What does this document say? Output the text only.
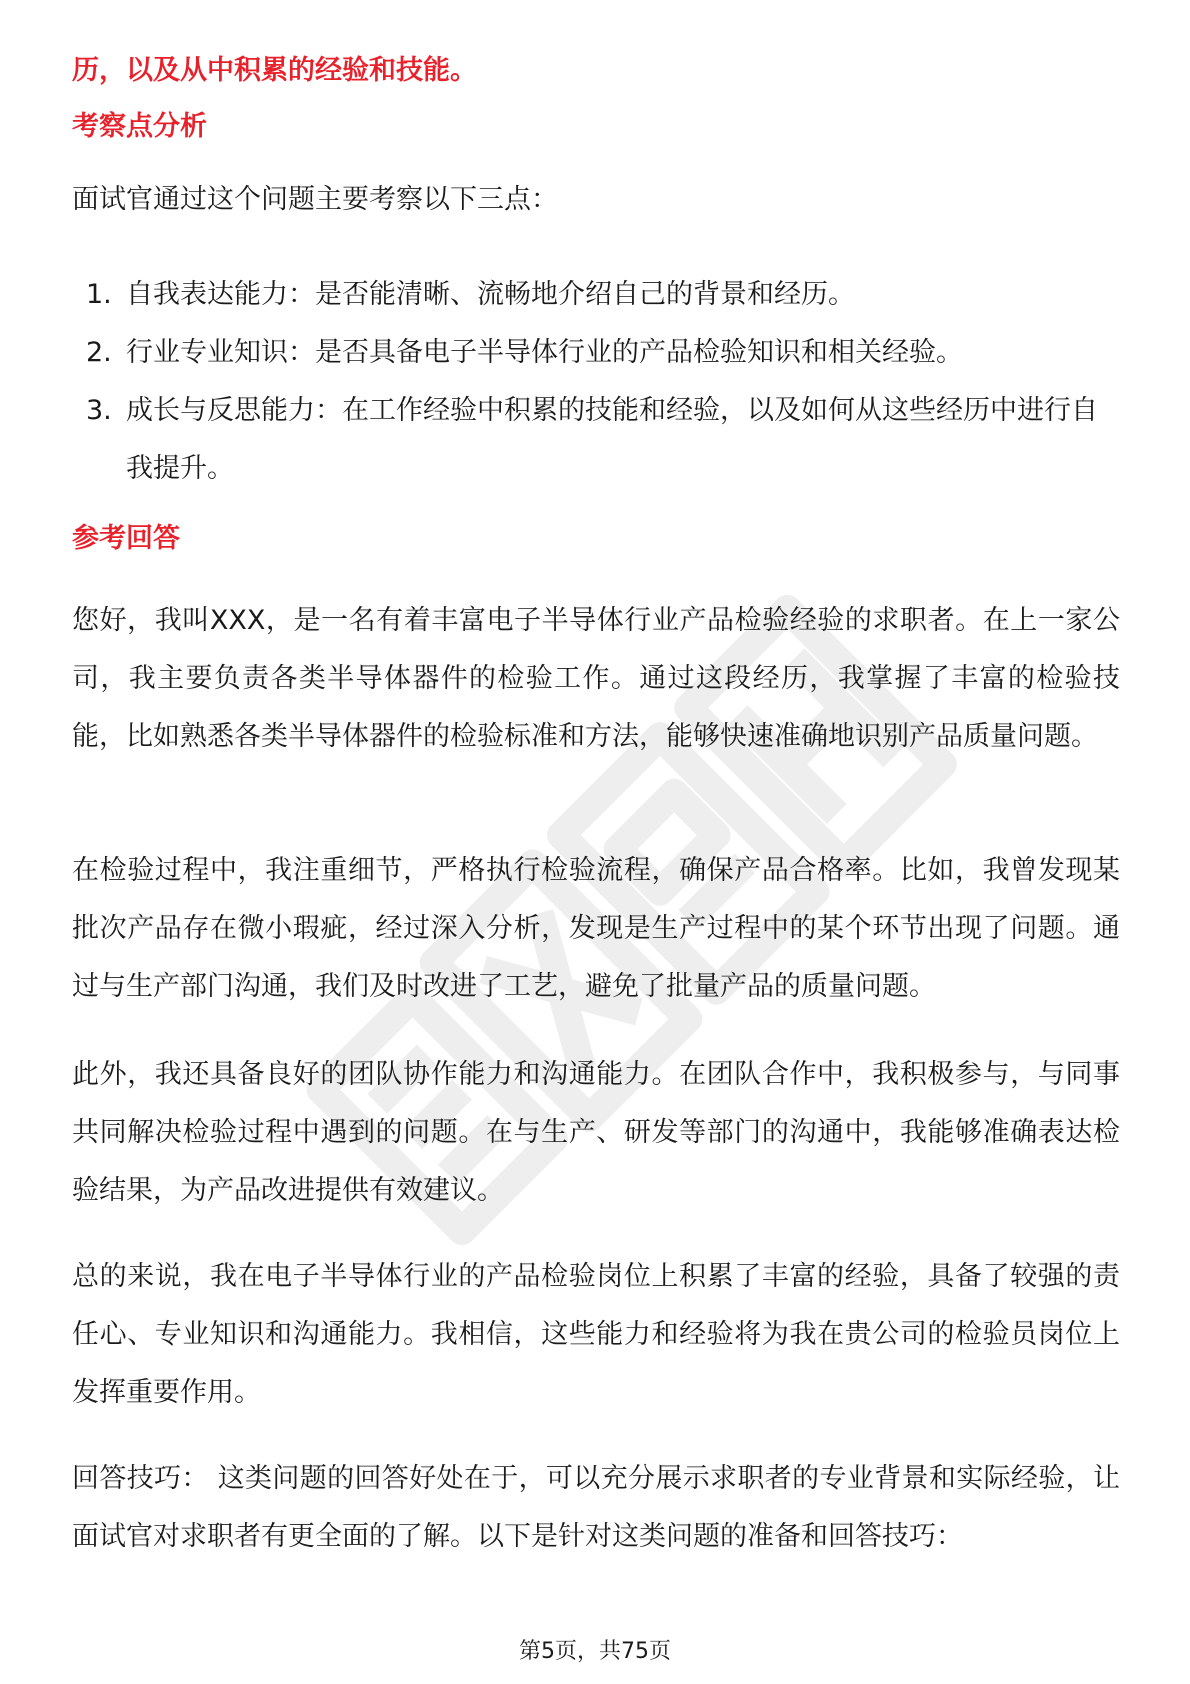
历，以及从中积累的经验和技能。

考察点分析

面试官通过这个问题主要考察以下三点：

1. 自我表达能力：是否能清晰、流畅地介绍自己的背景和经历。
2. 行业专业知识：是否具备电子半导体行业的产品检验知识和相关经验。
3. 成长与反思能力：在工作经验中积累的技能和经验，以及如何从这些经历中进行自我提升。

参考回答

您好，我叫XXX，是一名有着丰富电子半导体行业产品检验经验的求职者。在上一家公司，我主要负责各类半导体器件的检验工作。通过这段经历，我掌握了丰富的检验技能，比如熟悉各类半导体器件的检验标准和方法，能够快速准确地识别产品质量问题。

在检验过程中，我注重细节，严格执行检验流程，确保产品合格率。比如，我曾发现某批次产品存在微小瑕疵，经过深入分析，发现是生产过程中的某个环节出现了问题。通过与生产部门沟通，我们及时改进了工艺，避免了批量产品的质量问题。

此外，我还具备良好的团队协作能力和沟通能力。在团队合作中，我积极参与，与同事共同解决检验过程中遇到的问题。在与生产、研发等部门的沟通中，我能够准确表达检验结果，为产品改进提供有效建议。

总的来说，我在电子半导体行业的产品检验岗位上积累了丰富的经验，具备了较强的责任心、专业知识和沟通能力。我相信，这些能力和经验将为我在贵公司的检验员岗位上发挥重要作用。

回答技巧： 这类问题的回答好处在于，可以充分展示求职者的专业背景和实际经验，让面试官对求职者有更全面的了解。以下是针对这类问题的准备和回答技巧：

第5页，共75页
